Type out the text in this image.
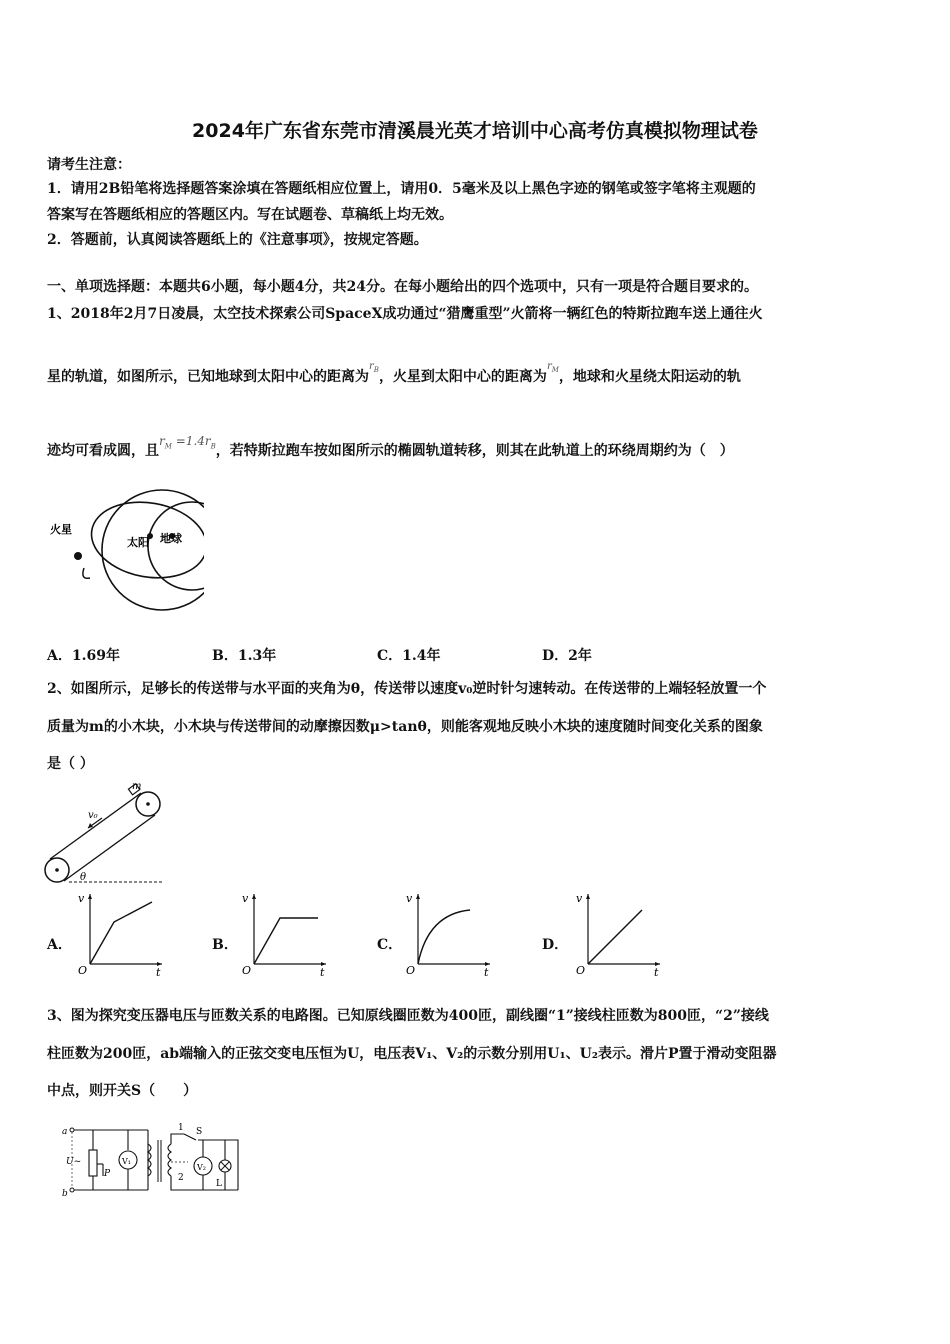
2024年广东省东莞市清溪晨光英才培训中心高考仿真模拟物理试卷
请考生注意：
1．请用2B铅笔将选择题答案涂填在答题纸相应位置上，请用0．5毫米及以上黑色字迹的钢笔或签字笔将主观题的
答案写在答题纸相应的答题区内。写在试题卷、草稿纸上均无效。
2．答题前，认真阅读答题纸上的《注意事项》，按规定答题。
一、单项选择题：本题共6小题，每小题4分，共24分。在每小题给出的四个选项中，只有一项是符合题目要求的。
1、2018年2月7日凌晨，太空技术探索公司SpaceX成功通过“猎鹰重型”火箭将一辆红色的特斯拉跑车送上通往火
星的轨道，如图所示，已知地球到太阳中心的距离为$^{r_B}$，火星到太阳中心的距离为$^{r_M}$，地球和火星绕太阳运动的轨
迹均可看成圆，且$r_M =1.4r_B$，若特斯拉跑车按如图所示的椭圆轨道转移，则其在此轨道上的环绕周期约为（　）
火星
太阳 地球
A．1.69年	B．1.3年	C．1.4年	D．2年
2、如图所示，足够长的传送带与水平面的夹角为θ，传送带以速度v₀逆时针匀速转动。在传送带的上端轻轻放置一个
质量为m的小木块，小木块与传送带间的动摩擦因数μ>tanθ，则能客观地反映小木块的速度随时间变化关系的图象
是（ ）
v₀
m
θ
A．
v
t
O
B．
v
t
O
C．
v
t
O
D．
v
t
O
3、图为探究变压器电压与匝数关系的电路图。已知原线圈匝数为400匝，副线圈“1”接线柱匝数为800匝，“2”接线
柱匝数为200匝，ab端输入的正弦交变电压恒为U，电压表V₁、V₂的示数分别用U₁、U₂表示。滑片P置于滑动变阻器
中点，则开关S（　　）
a
b
U~
P
V₁
V₂
S
1
2
L
